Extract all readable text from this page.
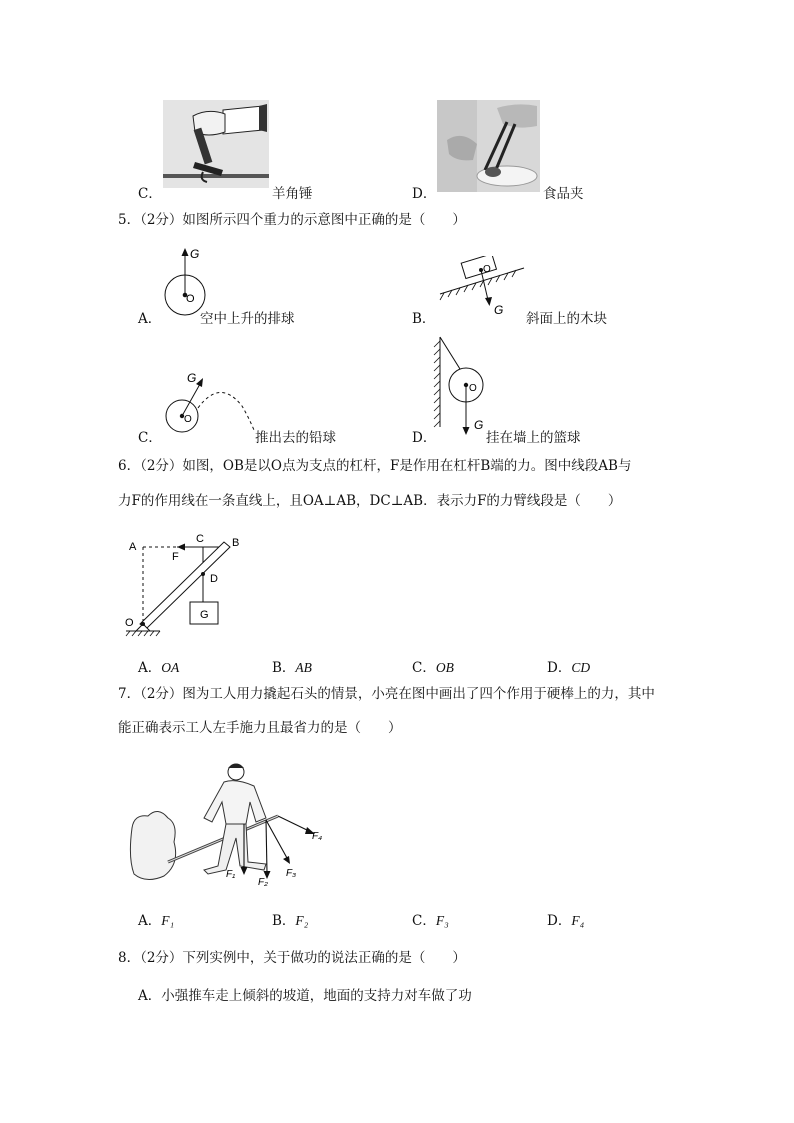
C．	羊角锤	D．	食品夹
5．（2分）如图所示四个重力的示意图中正确的是（　　）
G
O
A．	空中上升的排球
O
G
B．	斜面上的木块
O
G
C．	推出去的铅球
O
G
D．	挂在墙上的篮球
6．（2分）如图，OB是以O点为支点的杠杆，F是作用在杠杆B端的力。图中线段AB与
力F的作用线在一条直线上，且OA⊥AB，DC⊥AB．表示力F的力臂线段是（　　）
A
C	B
F
D
G
O
A．OA	B．AB	C．OB	D．CD
7．（2分）图为工人用力撬起石头的情景，小亮在图中画出了四个作用于硬棒上的力，其中
能正确表示工人左手施力且最省力的是（　　）
F₁
F₂
F₃
F₄
A．F₁	B．F₂	C．F₃	D．F₄
8．（2分）下列实例中，关于做功的说法正确的是（　　）
A．小强推车走上倾斜的坡道，地面的支持力对车做了功
